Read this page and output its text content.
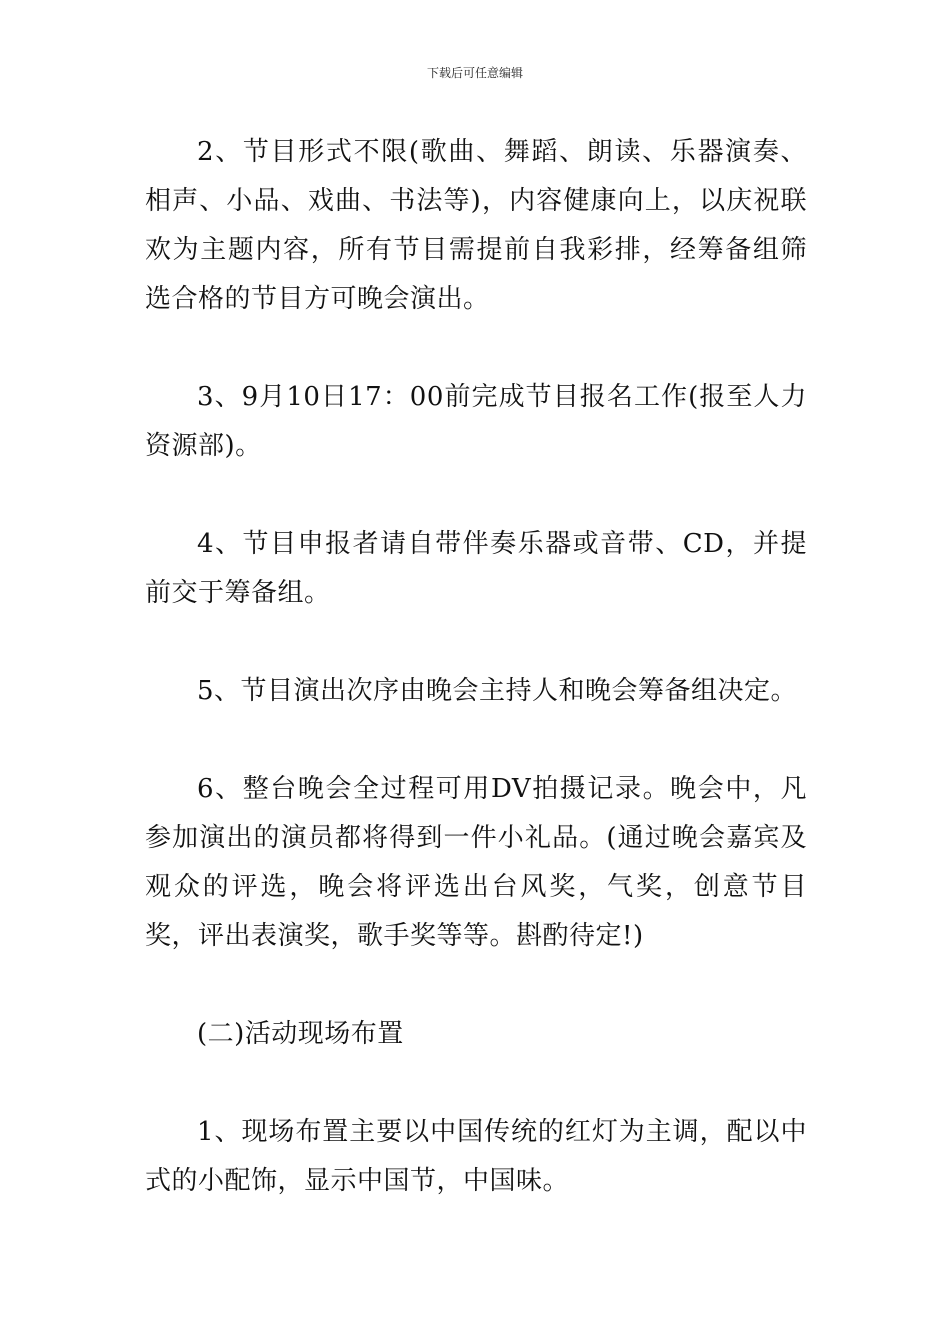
下载后可任意编辑

2、节目形式不限(歌曲、舞蹈、朗读、乐器演奏、相声、小品、戏曲、书法等)，内容健康向上，以庆祝联欢为主题内容，所有节目需提前自我彩排，经筹备组筛选合格的节目方可晚会演出。

3、9月10日17：00前完成节目报名工作(报至人力资源部)。

4、节目申报者请自带伴奏乐器或音带、CD，并提前交于筹备组。

5、节目演出次序由晚会主持人和晚会筹备组决定。

6、整台晚会全过程可用DV拍摄记录。晚会中，凡参加演出的演员都将得到一件小礼品。(通过晚会嘉宾及观众的评选，晚会将评选出台风奖，气奖，创意节目奖，评出表演奖，歌手奖等等。斟酌待定!)

(二)活动现场布置

1、现场布置主要以中国传统的红灯为主调，配以中式的小配饰，显示中国节，中国味。
